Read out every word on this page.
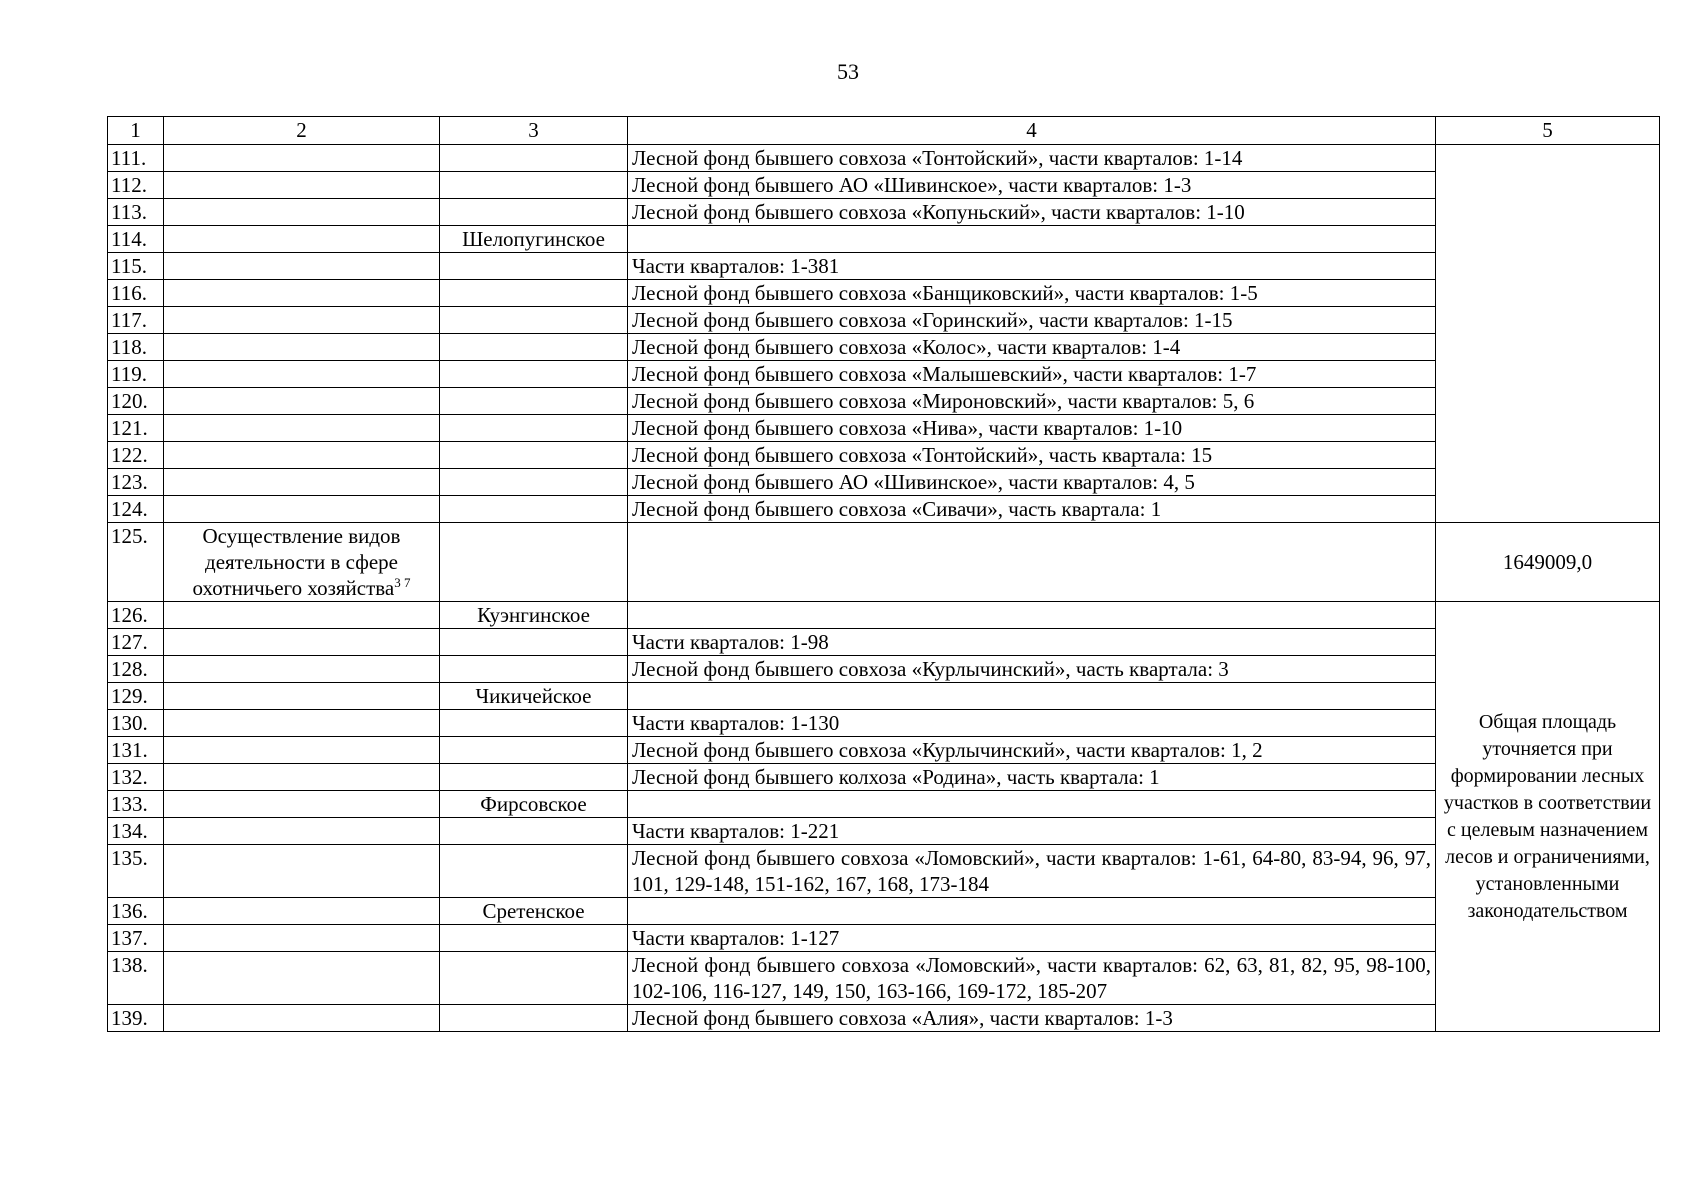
53
1	2	3	4	5
111.			Лесной фонд бывшего совхоза «Тонтойский», части кварталов: 1-14	
112.			Лесной фонд бывшего АО «Шивинское», части кварталов: 1-3	
113.			Лесной фонд бывшего совхоза «Копуньский», части кварталов: 1-10	
114.		Шелопугинское		
115.			Части кварталов: 1-381	
116.			Лесной фонд бывшего совхоза «Банщиковский», части кварталов: 1-5	
117.			Лесной фонд бывшего совхоза «Горинский», части кварталов: 1-15	
118.			Лесной фонд бывшего совхоза «Колос», части кварталов: 1-4	
119.			Лесной фонд бывшего совхоза «Малышевский», части кварталов: 1-7	
120.			Лесной фонд бывшего совхоза «Мироновский», части кварталов: 5, 6	
121.			Лесной фонд бывшего совхоза «Нива», части кварталов: 1-10	
122.			Лесной фонд бывшего совхоза «Тонтойский», часть квартала: 15	
123.			Лесной фонд бывшего АО «Шивинское», части кварталов: 4, 5	
124.			Лесной фонд бывшего совхоза «Сивачи», часть квартала: 1	
125.	Осуществление видов деятельности в сфере охотничьего хозяйства$^{3 7}$			1649009,0
126.		Куэнгинское		Общая площадь уточняется при формировании лесных участков в соответствии с целевым назначением лесов и ограничениями, установленными законодательством
127.			Части кварталов: 1-98	
128.			Лесной фонд бывшего совхоза «Курлычинский», часть квартала: 3	
129.		Чикичейское		
130.			Части кварталов: 1-130	
131.			Лесной фонд бывшего совхоза «Курлычинский», части кварталов: 1, 2	
132.			Лесной фонд бывшего колхоза «Родина», часть квартала: 1	
133.		Фирсовское		
134.			Части кварталов: 1-221	
135.			Лесной фонд бывшего совхоза «Ломовский», части кварталов: 1-61, 64-80, 83-94, 96, 97, 101, 129-148, 151-162, 167, 168, 173-184	
136.		Сретенское		
137.			Части кварталов: 1-127	
138.			Лесной фонд бывшего совхоза «Ломовский», части кварталов: 62, 63, 81, 82, 95, 98-100, 102-106, 116-127, 149, 150, 163-166, 169-172, 185-207	
139.			Лесной фонд бывшего совхоза «Алия», части кварталов: 1-3	
